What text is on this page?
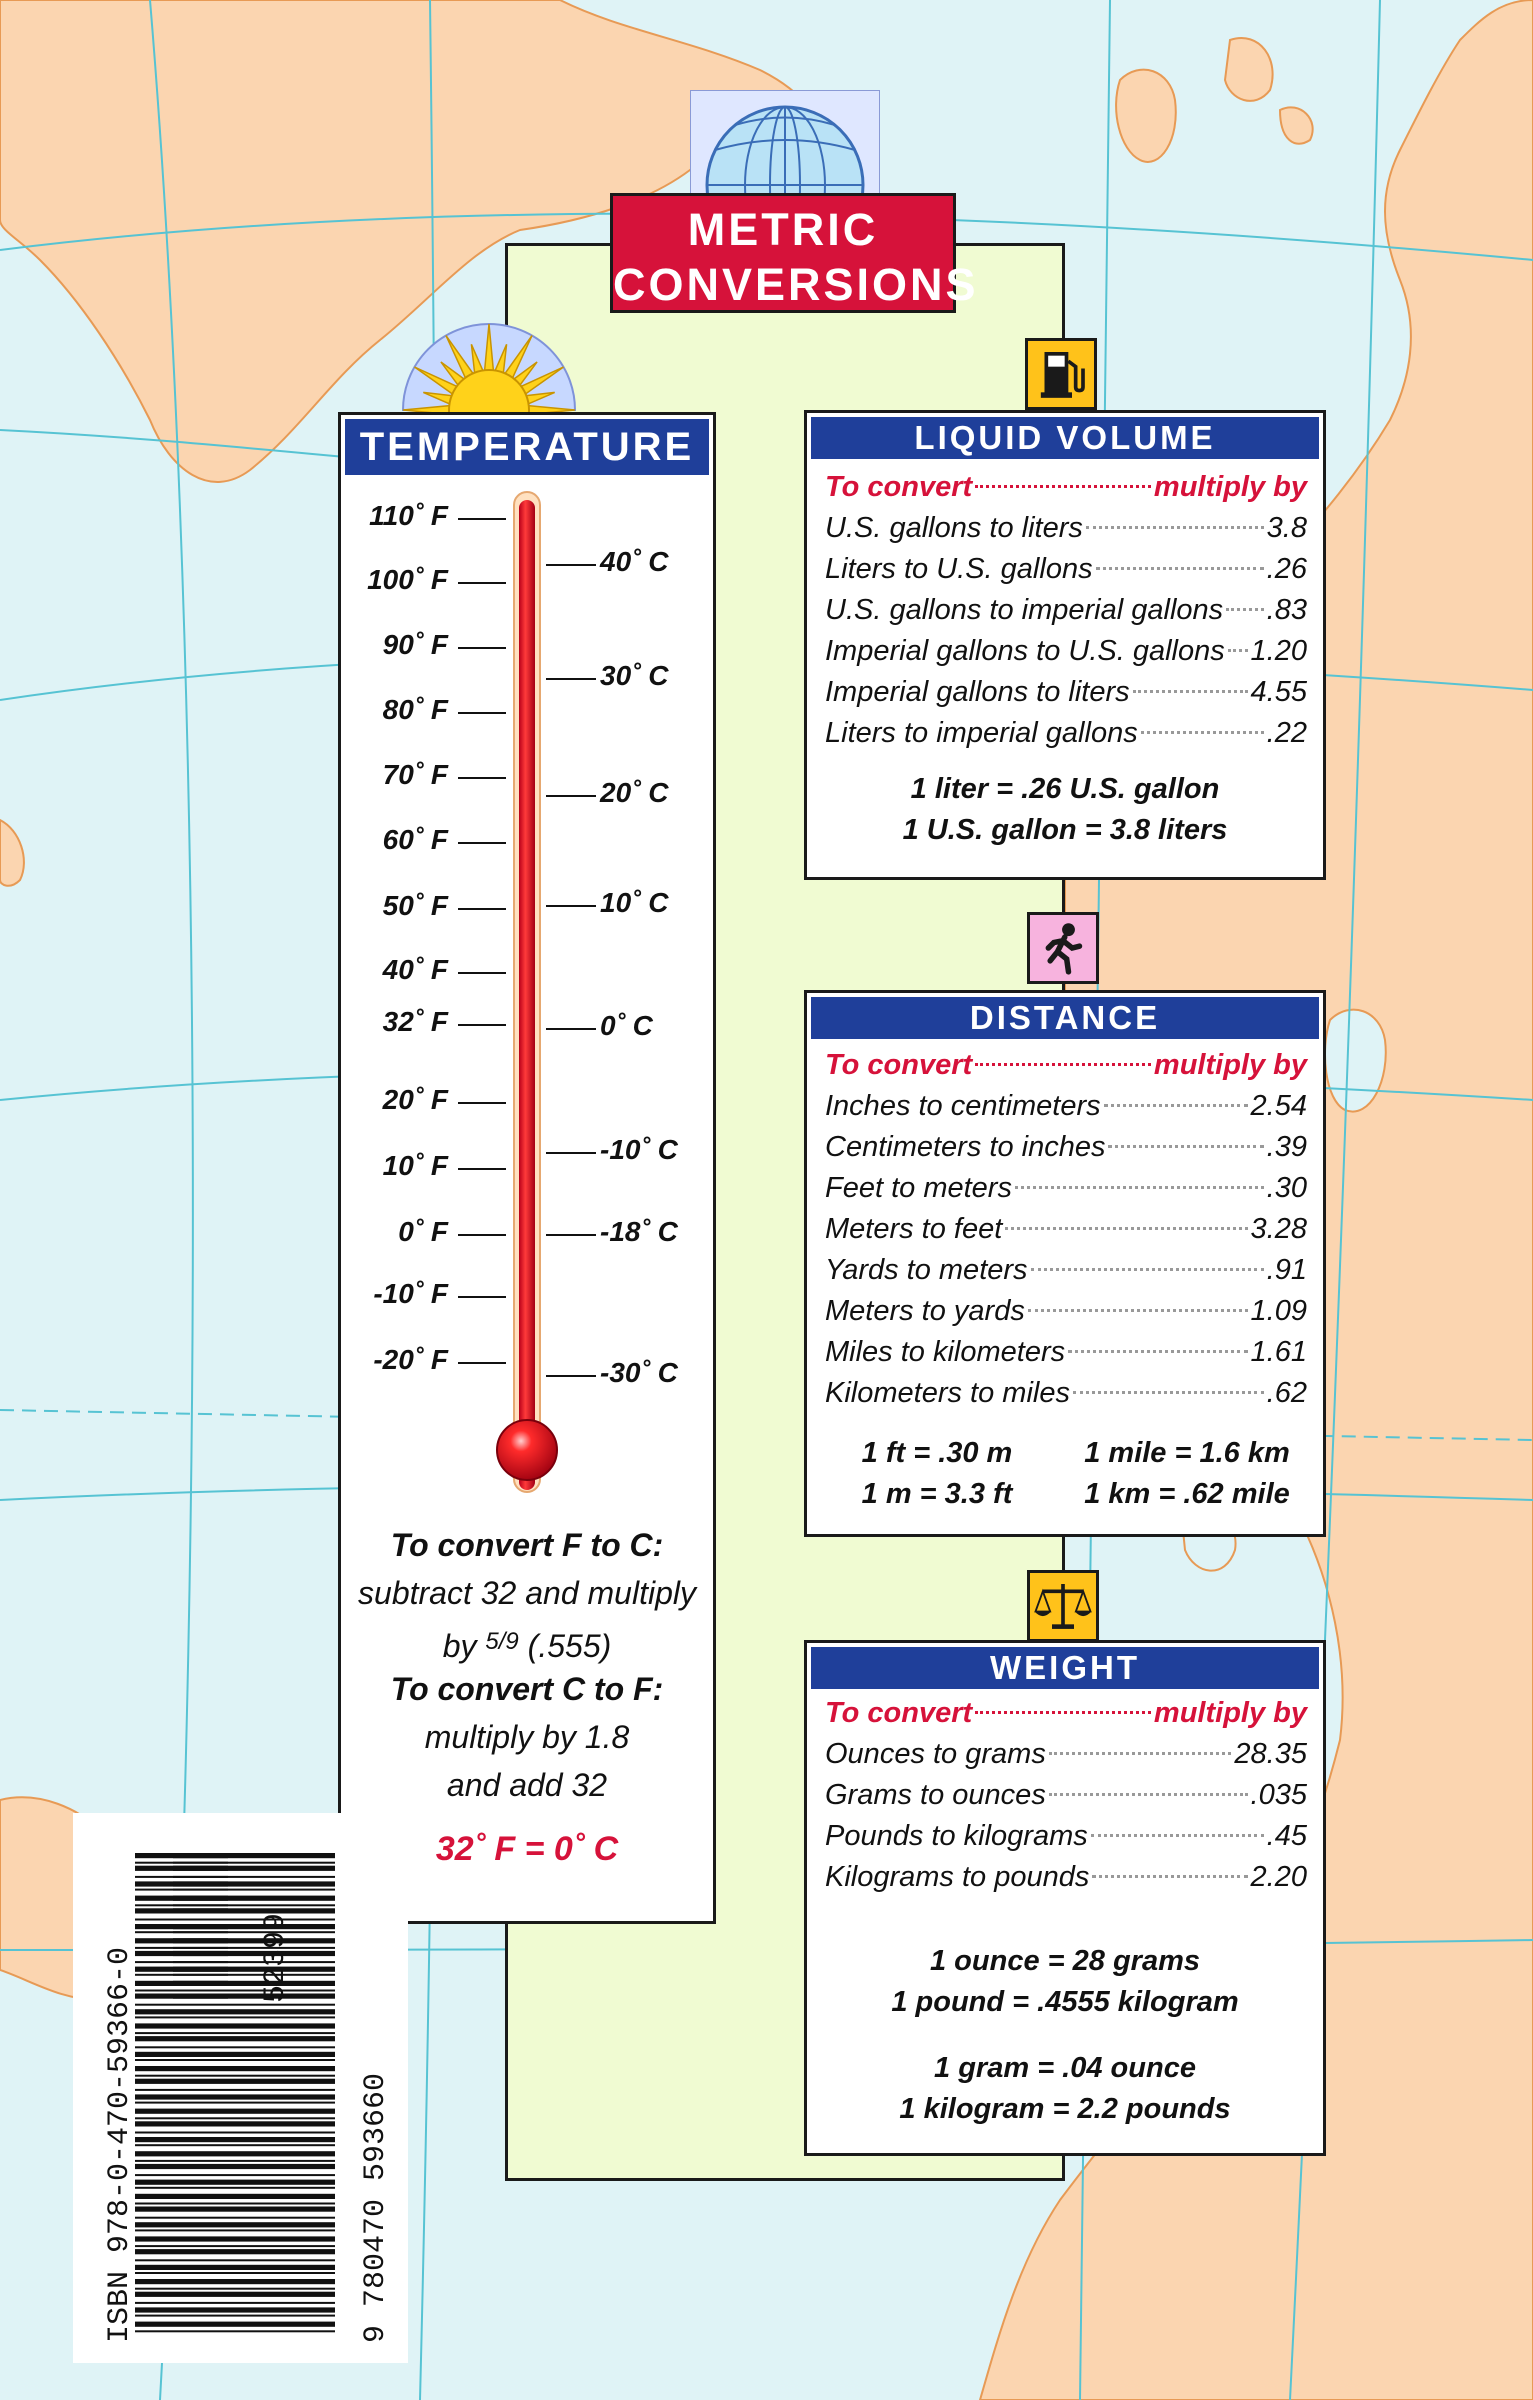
METRIC
CONVERSIONS
TEMPERATURE
110˚ F
100˚ F
90˚ F
80˚ F
70˚ F
60˚ F
50˚ F
40˚ F
32˚ F
20˚ F
10˚ F
0˚ F
-10˚ F
-20˚ F
40˚ C
30˚ C
20˚ C
10˚ C
0˚ C
-10˚ C
-18˚ C
-30˚ C
To convert F to C:
subtract 32 and multiply
by $^{5/9}$ (.555)
To convert C to F:
multiply by 1.8
and add 32
32˚ F = 0˚ C
LIQUID VOLUME
To convert	multiply by
U.S. gallons to liters	3.8
Liters to U.S. gallons	.26
U.S. gallons to imperial gallons .83
Imperial gallons to U.S. gallons 1.20
Imperial gallons to liters	4.55
Liters to imperial gallons	.22
1 liter = .26 U.S. gallon
1 U.S. gallon = 3.8 liters
DISTANCE
To convert	multiply by
Inches to centimeters	2.54
Centimeters to inches	.39
Feet to meters	.30
Meters to feet	3.28
Yards to meters	.91
Meters to yards	1.09
Miles to kilometers	1.61
Kilometers to miles	.62
1 ft = .30 m
1 m = 3.3 ft
1 mile = 1.6 km
1 km = .62 mile
WEIGHT
To convert	multiply by
Ounces to grams	28.35
Grams to ounces	.035
Pounds to kilograms	.45
Kilograms to pounds	2.20
1 ounce = 28 grams
1 pound = .4555 kilogram
1 gram = .04 ounce
1 kilogram = 2.2 pounds
ISBN 978-0-470-59366-0	9 780470 593660
52399
